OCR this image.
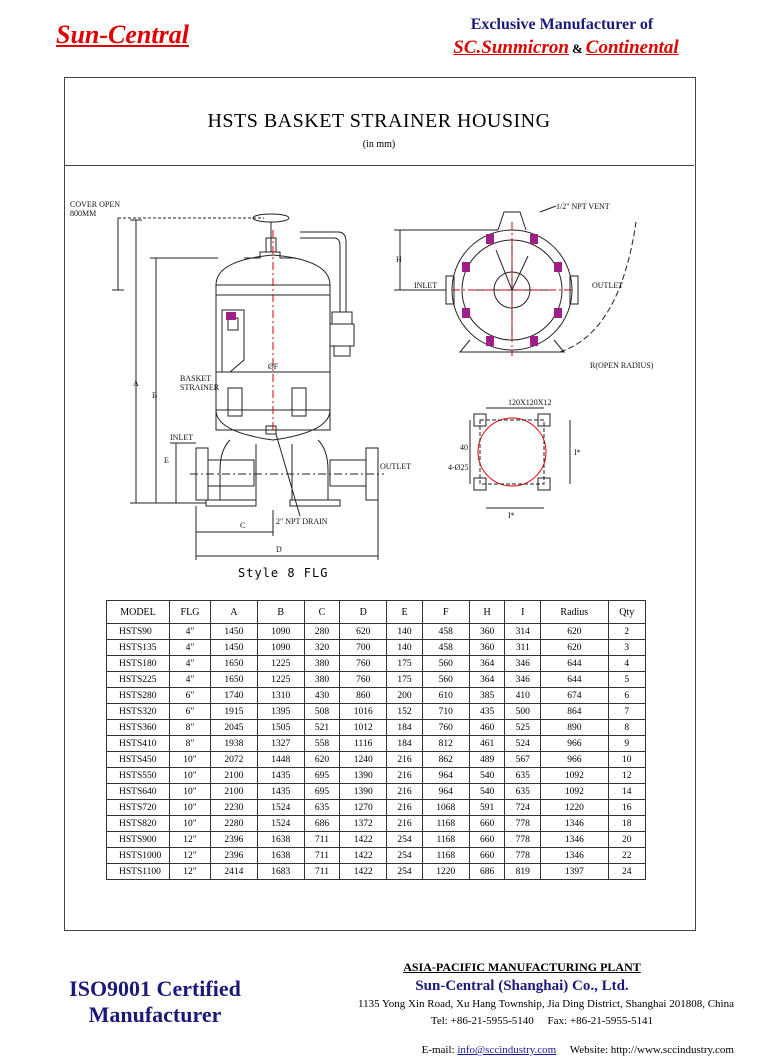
Sun-Central	Exclusive Manufacturer of
SC.Sunmicron & Continental
HSTS BASKET STRAINER HOUSING
(in mm)
COVER OPEN
800MM
BASKET
STRAINER
INLET
OUTLET
2" NPT DRAIN
1/2" NPT VENT
R(OPEN RADIUS)
INLET	OUTLET
120X120X12
4-Ø25
A
B
C
D
E
ØF
H
I*
I*
40
Style 8 FLG
MODEL	FLG	A	B	C	D	E	F	H	I	Radius	Qty
HSTS90	4"	1450	1090	280	620	140	458	360	314	620	2
HSTS135	4"	1450	1090	320	700	140	458	360	311	620	3
HSTS180	4"	1650	1225	380	760	175	560	364	346	644	4
HSTS225	4"	1650	1225	380	760	175	560	364	346	644	5
HSTS280	6"	1740	1310	430	860	200	610	385	410	674	6
HSTS320	6"	1915	1395	508	1016	152	710	435	500	864	7
HSTS360	8"	2045	1505	521	1012	184	760	460	525	890	8
HSTS410	8"	1938	1327	558	1116	184	812	461	524	966	9
HSTS450	10"	2072	1448	620	1240	216	862	489	567	966	10
HSTS550	10"	2100	1435	695	1390	216	964	540	635	1092	12
HSTS640	10"	2100	1435	695	1390	216	964	540	635	1092	14
HSTS720	10"	2230	1524	635	1270	216	1068	591	724	1220	16
HSTS820	10"	2280	1524	686	1372	216	1168	660	778	1346	18
HSTS900	12"	2396	1638	711	1422	254	1168	660	778	1346	20
HSTS1000	12"	2396	1638	711	1422	254	1168	660	778	1346	22
HSTS1100	12"	2414	1683	711	1422	254	1220	686	819	1397	24
ISO9001 Certified
Manufacturer
ASIA-PACIFIC MANUFACTURING PLANT
Sun-Central (Shanghai) Co., Ltd.
1135 Yong Xin Road, Xu Hang Township, Jia Ding District, Shanghai 201808, China
Tel: +86-21-5955-5140     Fax: +86-21-5955-5141

E-mail: info@sccindustry.com     Website: http://www.sccindustry.com
